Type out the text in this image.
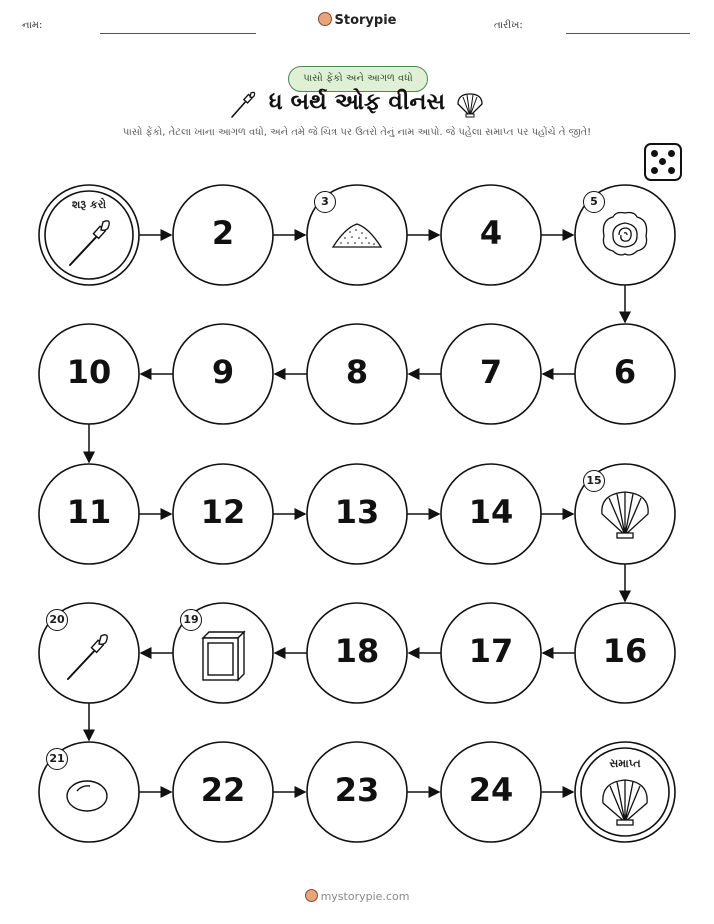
નામ:	Storypie	તારીખ:
પાસો ફેંકો અને આગળ વધો
ધ બર્થ ઓફ વીનસ
પાસો ફેંકો, તેટલા ખાના આગળ વધો, અને તમે જે ચિત્ર પર ઉતરો તેનું નામ આપો. જે પહેલા સમાપ્ત પર પહોંચે તે જીતે!
શરૂ કરો
સમાપ્ત
2	4
10	9	8	7	6
11	12	13	14
18	17	16
22	23	24
3	5
15
19
20
21
mystorypie.com
